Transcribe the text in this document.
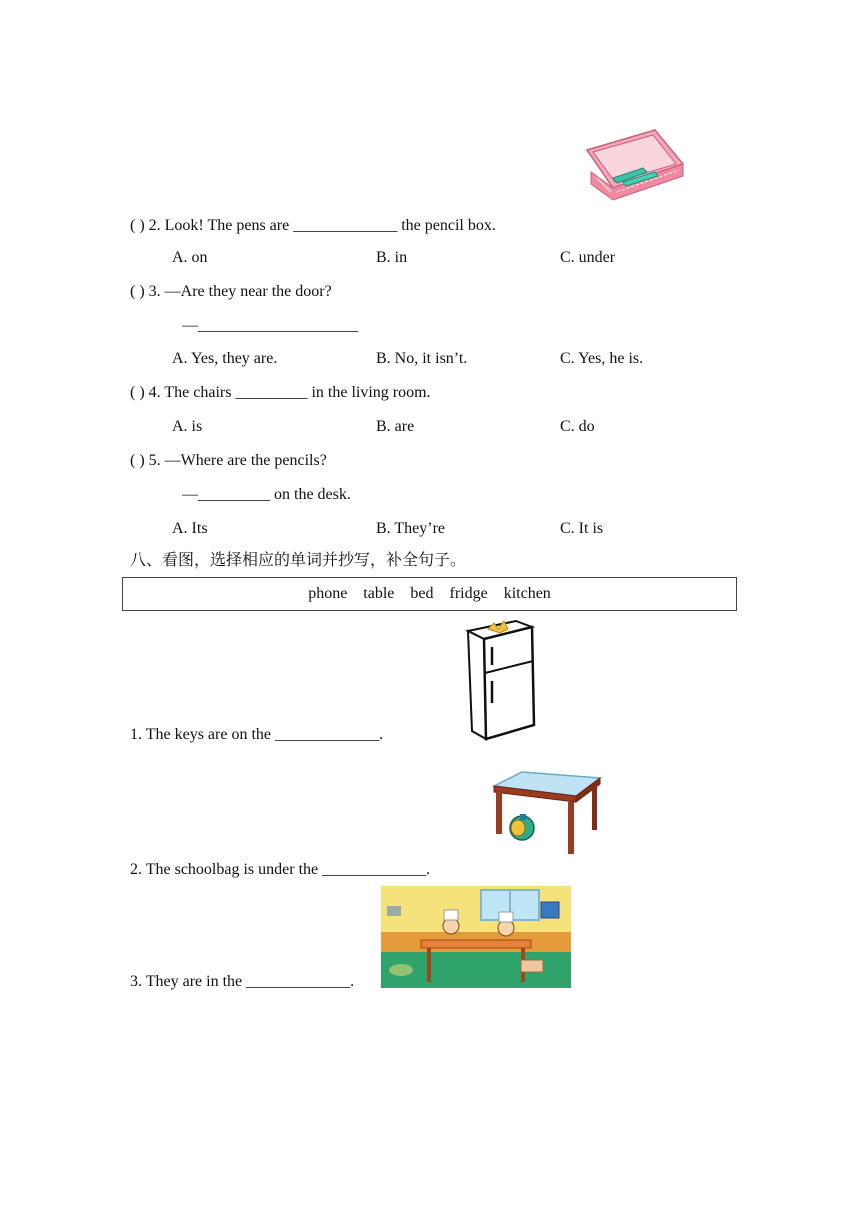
( ) 2. Look! The pens are _____________ the pencil box.
A. on	B. in	C. under
( ) 3. —Are they near the door?
—____________________
A. Yes, they are.	B. No, it isn’t.	C. Yes, he is.
( ) 4. The chairs _________ in the living room.
A. is	B. are	C. do
( ) 5. —Where are the pencils?
—_________ on the desk.
A. Its	B. They’re	C. It is
八、看图，选择相应的单词并抄写，补全句子。
phone table bed fridge kitchen
1. The keys are on the _____________.
2. The schoolbag is under the _____________.
3. They are in the _____________.
